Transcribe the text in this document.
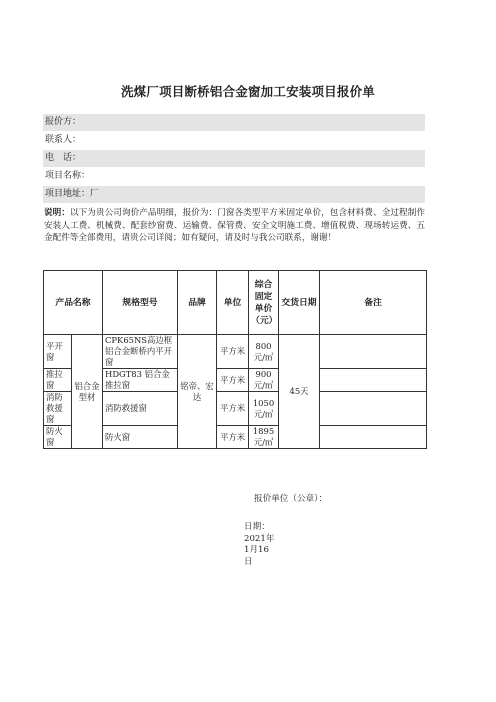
洗煤厂项目断桥铝合金窗加工安装项目报价单
报价方：
联系人：
电　话：
项目名称：
项目地址：厂
说明：以下为贵公司询价产品明细，报价为：门窗各类型平方米固定单价，包含材料费、全过程制作安装人工费、机械费、配套纱窗费、运输费、保管费、安全文明施工费、增值税费、现场转运费、五金配件等全部费用，请贵公司详阅；如有疑问，请及时与我公司联系，谢谢！
产品名称		规格型号	品牌	单位	综合固定单价（元）	交货日期	备注
平开窗	铝合金型材	CPK65NS高边框铝合金断桥内平开窗	铭帝、宏达	平方米	800元/㎡	45天	
推拉窗		HDGT83 铝合金推拉窗		平方米	900元/㎡		
消防救援窗		消防救援窗		平方米	1050元/㎡		
防火窗		防火窗		平方米	1895元/㎡		
报价单位（公章）：
日期：
2021年
1月16
日
